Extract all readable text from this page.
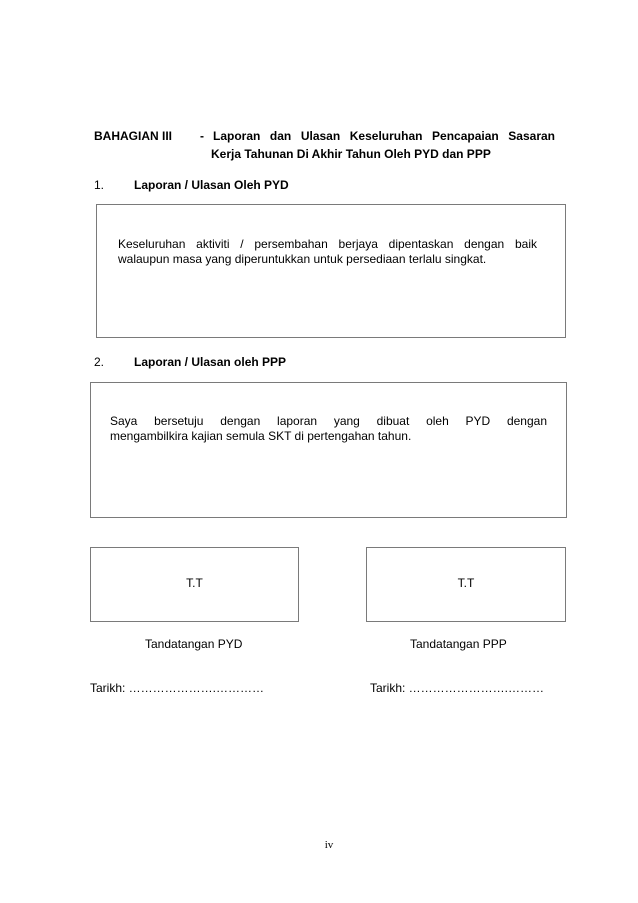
BAHAGIAN III - Laporan dan Ulasan Keseluruhan Pencapaian Sasaran
Kerja Tahunan Di Akhir Tahun Oleh PYD dan PPP
1. Laporan / Ulasan Oleh PYD
Keseluruhan aktiviti / persembahan berjaya dipentaskan dengan baik
walaupun masa yang diperuntukkan untuk persediaan terlalu singkat.
2. Laporan / Ulasan oleh PPP
Saya bersetuju dengan laporan yang dibuat oleh PYD dengan
mengambilkira kajian semula SKT di pertengahan tahun.
T.T	T.T
Tandatangan PYD	Tandatangan PPP
Tarikh: ………………….…………	Tarikh: …………………….………
iv
